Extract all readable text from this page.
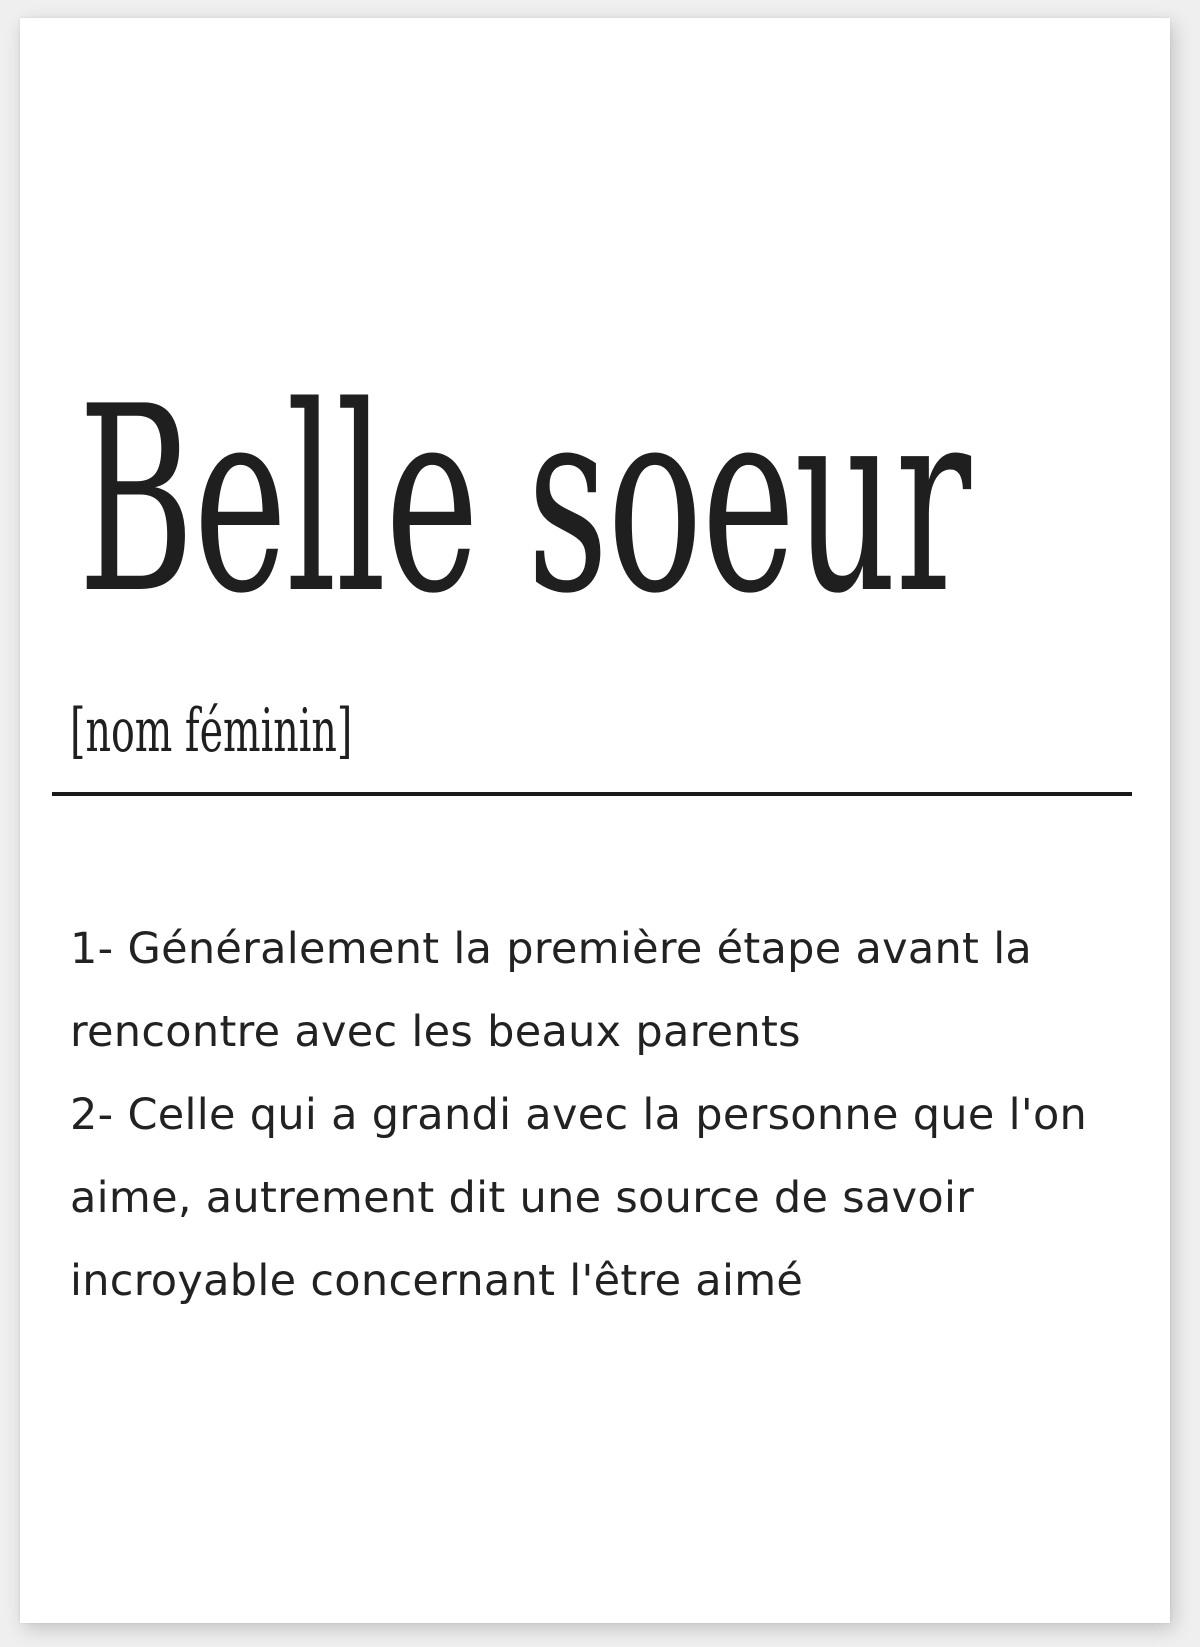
Belle soeur
[nom féminin]
1- Généralement la première étape avant la rencontre avec les beaux parents
2- Celle qui a grandi avec la personne que l'on aime, autrement dit une source de savoir incroyable concernant l'être aimé
